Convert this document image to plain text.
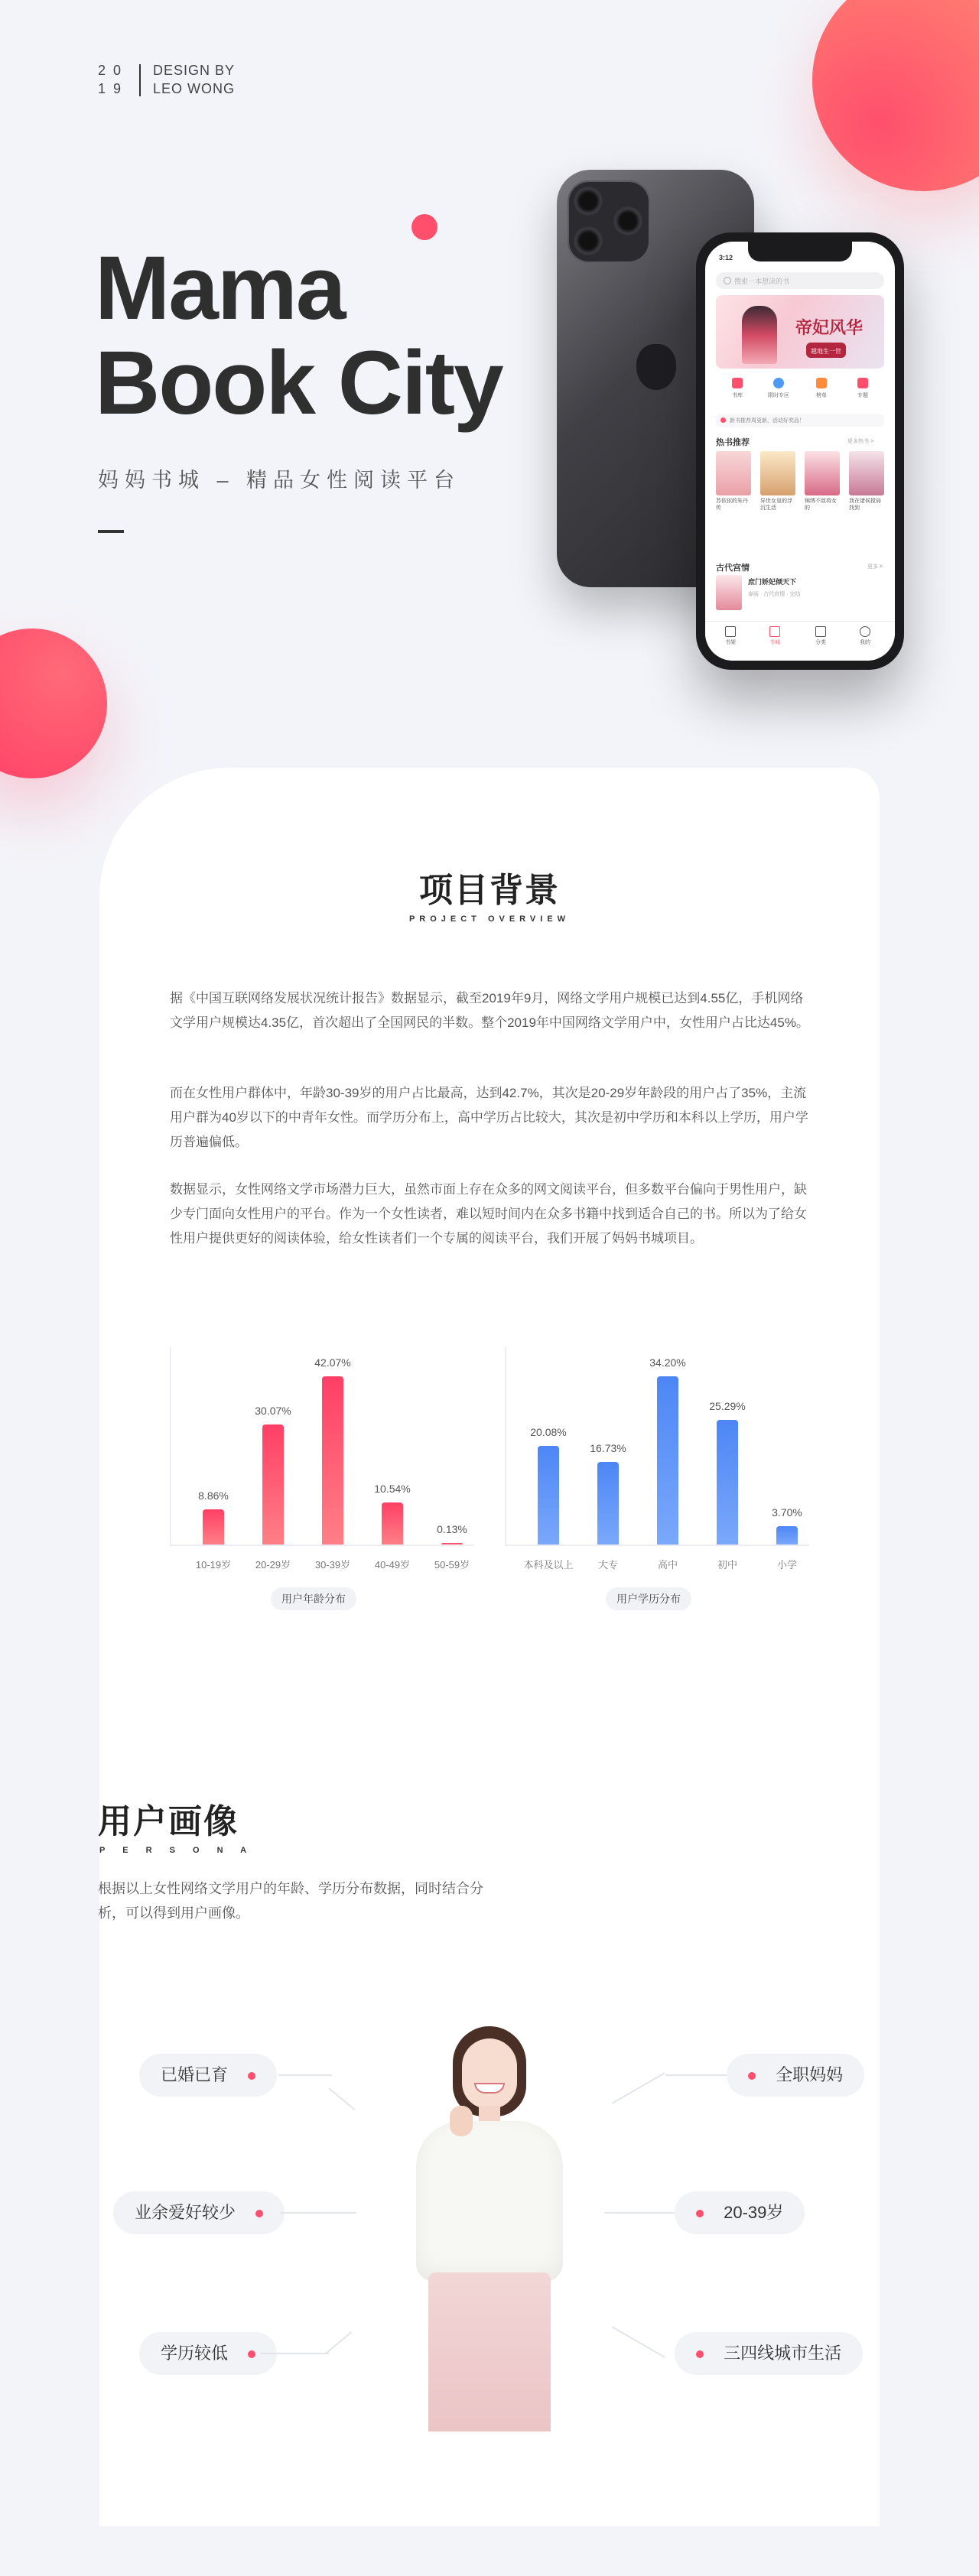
20
19
DESIGN BY
LEO WONG
Mama
Book City
妈妈书城 – 精品女性阅读平台
3:12
搜索一本想读的书
帝妃风华
越地生一世
书库	限时专区	榜单	专题
新书推荐周更新，活动好奖品！
热书推荐	更多热书 >
苏依依的朱丹传
异世女皇的浮沉生活
锦绣不敌将女的
我在诸侯搅局找到
古代宫情	更多 >
庶门娇妃倾天下
春雨 · 古代宫情 · 完结
书架	书城	分类	我的
项目背景
PROJECT OVERVIEW
据《中国互联网络发展状况统计报告》数据显示，截至2019年9月，网络文学用户规模已达到4.55亿，手机网络文学用户规模达4.35亿，首次超出了全国网民的半数。整个2019年中国网络文学用户中，女性用户占比达45%。
而在女性用户群体中，年龄30-39岁的用户占比最高，达到42.7%，其次是20-29岁年龄段的用户占了35%，主流用户群为40岁以下的中青年女性。而学历分布上，高中学历占比较大，其次是初中学历和本科以上学历，用户学历普遍偏低。
数据显示，女性网络文学市场潜力巨大，虽然市面上存在众多的网文阅读平台，但多数平台偏向于男性用户，缺少专门面向女性用户的平台。作为一个女性读者，难以短时间内在众多书籍中找到适合自己的书。所以为了给女性用户提供更好的阅读体验，给女性读者们一个专属的阅读平台，我们开展了妈妈书城项目。
8.86%
10-19岁
30.07%
20-29岁
42.07%
30-39岁
10.54%
40-49岁
0.13%
50-59岁
用户年龄分布
20.08%
本科及以上
16.73%
大专
34.20%
高中
25.29%
初中
3.70%
小学
用户学历分布
用户画像
P E R S O N A
根据以上女性网络文学用户的年龄、学历分布数据，同时结合分析，可以得到用户画像。
已婚已育
业余爱好较少
学历较低
全职妈妈
20-39岁
三四线城市生活
